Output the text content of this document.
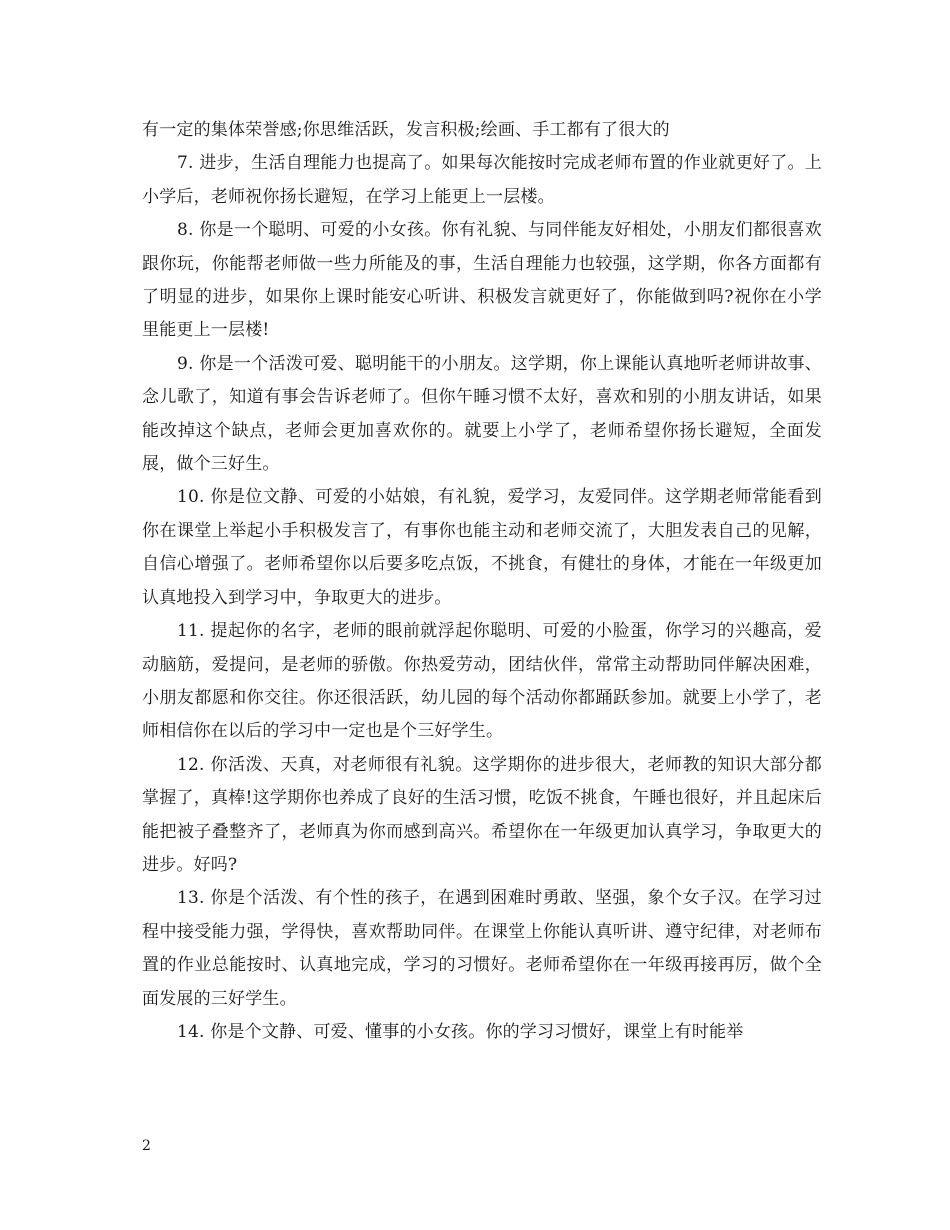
有一定的集体荣誉感;你思维活跃，发言积极;绘画、手工都有了很大的

7. 进步，生活自理能力也提高了。如果每次能按时完成老师布置的作业就更好了。上小学后，老师祝你扬长避短，在学习上能更上一层楼。

8. 你是一个聪明、可爱的小女孩。你有礼貌、与同伴能友好相处，小朋友们都很喜欢跟你玩，你能帮老师做一些力所能及的事，生活自理能力也较强，这学期，你各方面都有了明显的进步，如果你上课时能安心听讲、积极发言就更好了，你能做到吗?祝你在小学里能更上一层楼!

9. 你是一个活泼可爱、聪明能干的小朋友。这学期，你上课能认真地听老师讲故事、念儿歌了，知道有事会告诉老师了。但你午睡习惯不太好，喜欢和别的小朋友讲话，如果能改掉这个缺点，老师会更加喜欢你的。就要上小学了，老师希望你扬长避短，全面发展，做个三好生。

10. 你是位文静、可爱的小姑娘，有礼貌，爱学习，友爱同伴。这学期老师常能看到你在课堂上举起小手积极发言了，有事你也能主动和老师交流了，大胆发表自己的见解，自信心增强了。老师希望你以后要多吃点饭，不挑食，有健壮的身体，才能在一年级更加认真地投入到学习中，争取更大的进步。

11. 提起你的名字，老师的眼前就浮起你聪明、可爱的小脸蛋，你学习的兴趣高，爱动脑筋，爱提问，是老师的骄傲。你热爱劳动，团结伙伴，常常主动帮助同伴解决困难，小朋友都愿和你交往。你还很活跃，幼儿园的每个活动你都踊跃参加。就要上小学了，老师相信你在以后的学习中一定也是个三好学生。

12. 你活泼、天真，对老师很有礼貌。这学期你的进步很大，老师教的知识大部分都掌握了，真棒!这学期你也养成了良好的生活习惯，吃饭不挑食，午睡也很好，并且起床后能把被子叠整齐了，老师真为你而感到高兴。希望你在一年级更加认真学习，争取更大的进步。好吗?

13. 你是个活泼、有个性的孩子，在遇到困难时勇敢、坚强，象个女子汉。在学习过程中接受能力强，学得快，喜欢帮助同伴。在课堂上你能认真听讲、遵守纪律，对老师布置的作业总能按时、认真地完成，学习的习惯好。老师希望你在一年级再接再厉，做个全面发展的三好学生。

14. 你是个文静、可爱、懂事的小女孩。你的学习习惯好，课堂上有时能举

2
